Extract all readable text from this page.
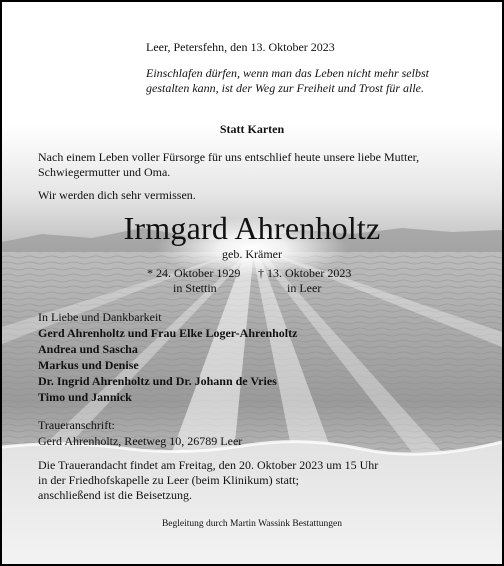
Leer, Petersfehn, den 13. Oktober 2023
Einschlafen dürfen, wenn man das Leben nicht mehr selbst
gestalten kann, ist der Weg zur Freiheit und Trost für alle.
Statt Karten
Nach einem Leben voller Fürsorge für uns entschlief heute unsere liebe Mutter,
Schwiegermutter und Oma.
Wir werden dich sehr vermissen.
Irmgard Ahrenholtz
geb. Krämer
* 24. Oktober 1929 † 13. Oktober 2023
in Stettin	in Leer
In Liebe und Dankbarkeit
Gerd Ahrenholtz und Frau Elke Loger-Ahrenholtz
Andrea und Sascha
Markus und Denise
Dr. Ingrid Ahrenholtz und Dr. Johann de Vries
Timo und Jannick
Traueranschrift:
Gerd Ahrenholtz, Reetweg 10, 26789 Leer
Die Trauerandacht findet am Freitag, den 20. Oktober 2023 um 15 Uhr
in der Friedhofskapelle zu Leer (beim Klinikum) statt;
anschließend ist die Beisetzung.
Begleitung durch Martin Wassink Bestattungen
